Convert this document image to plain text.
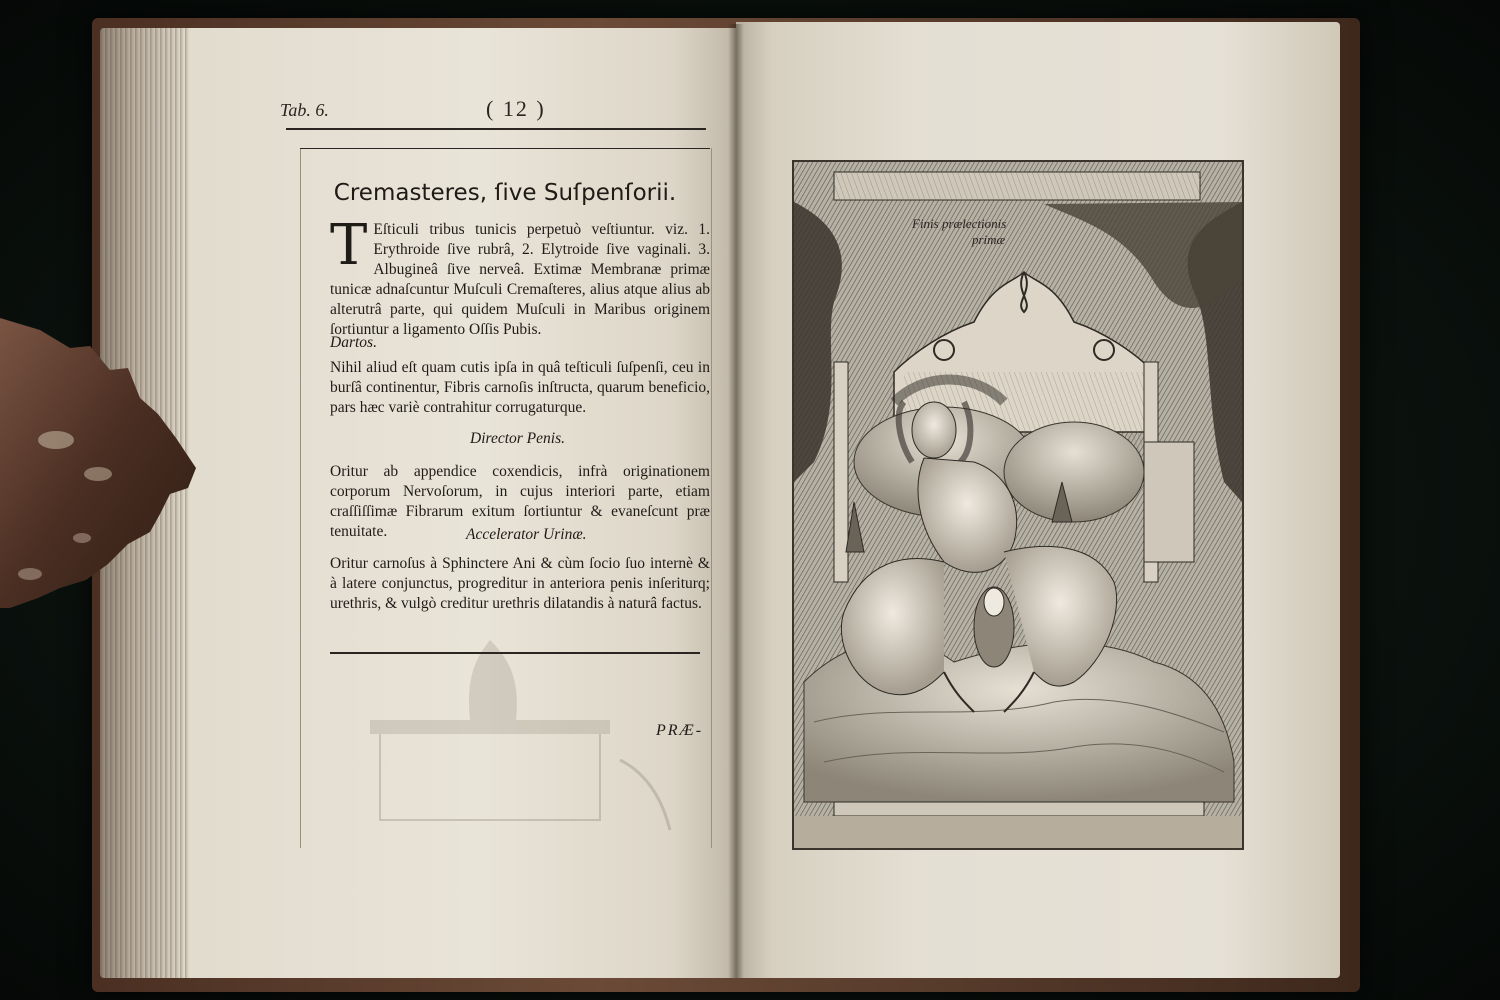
Tab. 6.	( 12 )
Cremasteres, ſive Suſpenſorii.
T Eſticuli tribus tunicis perpetuò veſtiuntur. viz. 1. Erythroide ſive rubrâ, 2. Elytroide ſive vaginali. 3. Albugineâ ſive nerveâ. Extimæ Membranæ primæ tunicæ adnaſcuntur Muſculi Cremaſteres, alius atque alius ab alterutrâ parte, qui quidem Muſculi in Maribus originem ſortiuntur a ligamento Oſſis Pubis.
Dartos.
Nihil aliud eſt quam cutis ipſa in quâ teſticuli ſuſpenſi, ceu in burſâ continentur, Fibris carnoſis inſtructa, quarum beneficio, pars hæc variè contrahitur corrugaturque.
Director Penis.
Oritur ab appendice coxendicis, infrà originationem corporum Nervoſorum, in cujus interiori parte, etiam craſſiſſimæ Fibrarum exitum ſortiuntur & evaneſcunt præ tenuitate.	Accelerator Urinæ.
Oritur carnoſus à Sphinctere Ani & cùm ſocio ſuo internè & à latere conjunctus, progreditur in anteriora penis inſeriturq; urethris, & vulgò creditur urethris dilatandis à naturâ factus.
PRÆ-
Finis prælectionis
primæ
